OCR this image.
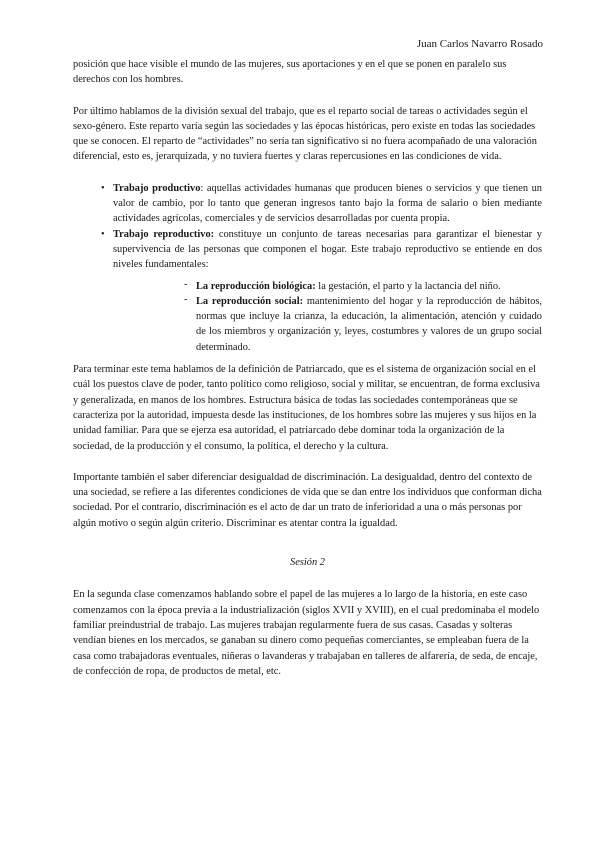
Juan Carlos Navarro Rosado

posición que hace visible el mundo de las mujeres, sus aportaciones y en el que se ponen en paralelo sus derechos con los hombres.

Por último hablamos de la división sexual del trabajo, que es el reparto social de tareas o actividades según el sexo-género. Este reparto varía según las sociedades y las épocas históricas, pero existe en todas las sociedades que se conocen. El reparto de “actividades” no sería tan significativo si no fuera acompañado de una valoración diferencial, esto es, jerarquizada, y no tuviera fuertes y claras repercusiones en las condiciones de vida.

• Trabajo productivo: aquellas actividades humanas que producen bienes o servicios y que tienen un valor de cambio, por lo tanto que generan ingresos tanto bajo la forma de salario o bien mediante actividades agrícolas, comerciales y de servicios desarrolladas por cuenta propia.
• Trabajo reproductivo: constituye un conjunto de tareas necesarias para garantizar el bienestar y supervivencia de las personas que componen el hogar. Este trabajo reproductivo se entiende en dos niveles fundamentales:
- La reproducción biológica: la gestación, el parto y la lactancia del niño.
- La reproducción social: mantenimiento del hogar y la reproducción de hábitos, normas que incluye la crianza, la educación, la alimentación, atención y cuidado de los miembros y organización y, leyes, costumbres y valores de un grupo social determinado.

Para terminar este tema hablamos de la definición de Patriarcado, que es el sistema de organización social en el cuál los puestos clave de poder, tanto político como religioso, social y militar, se encuentran, de forma exclusiva y generalizada, en manos de los hombres. Estructura básica de todas las sociedades contemporáneas que se caracteriza por la autoridad, impuesta desde las instituciones, de los hombres sobre las mujeres y sus hijos en la unidad familiar. Para que se ejerza esa autoridad, el patriarcado debe dominar toda la organización de la sociedad, de la producción y el consumo, la política, el derecho y la cultura.

Importante también el saber diferenciar desigualdad de discriminación. La desigualdad, dentro del contexto de una sociedad, se refiere a las diferentes condiciones de vida que se dan entre los individuos que conforman dicha sociedad. Por el contrario, discriminación es el acto de dar un trato de inferioridad a una o más personas por algún motivo o según algún criterio. Discriminar es atentar contra la igualdad.

Sesión 2

En la segunda clase comenzamos hablando sobre el papel de las mujeres a lo largo de la historia, en este caso comenzamos con la época previa a la industrialización (siglos XVII y XVIII), en el cual predominaba el modelo familiar preindustrial de trabajo. Las mujeres trabajan regularmente fuera de sus casas. Casadas y solteras vendían bienes en los mercados, se ganaban su dinero como pequeñas comerciantes, se empleaban fuera de la casa como trabajadoras eventuales, niñeras o lavanderas y trabajaban en talleres de alfarería, de seda, de encaje, de confección de ropa, de productos de metal, etc.
